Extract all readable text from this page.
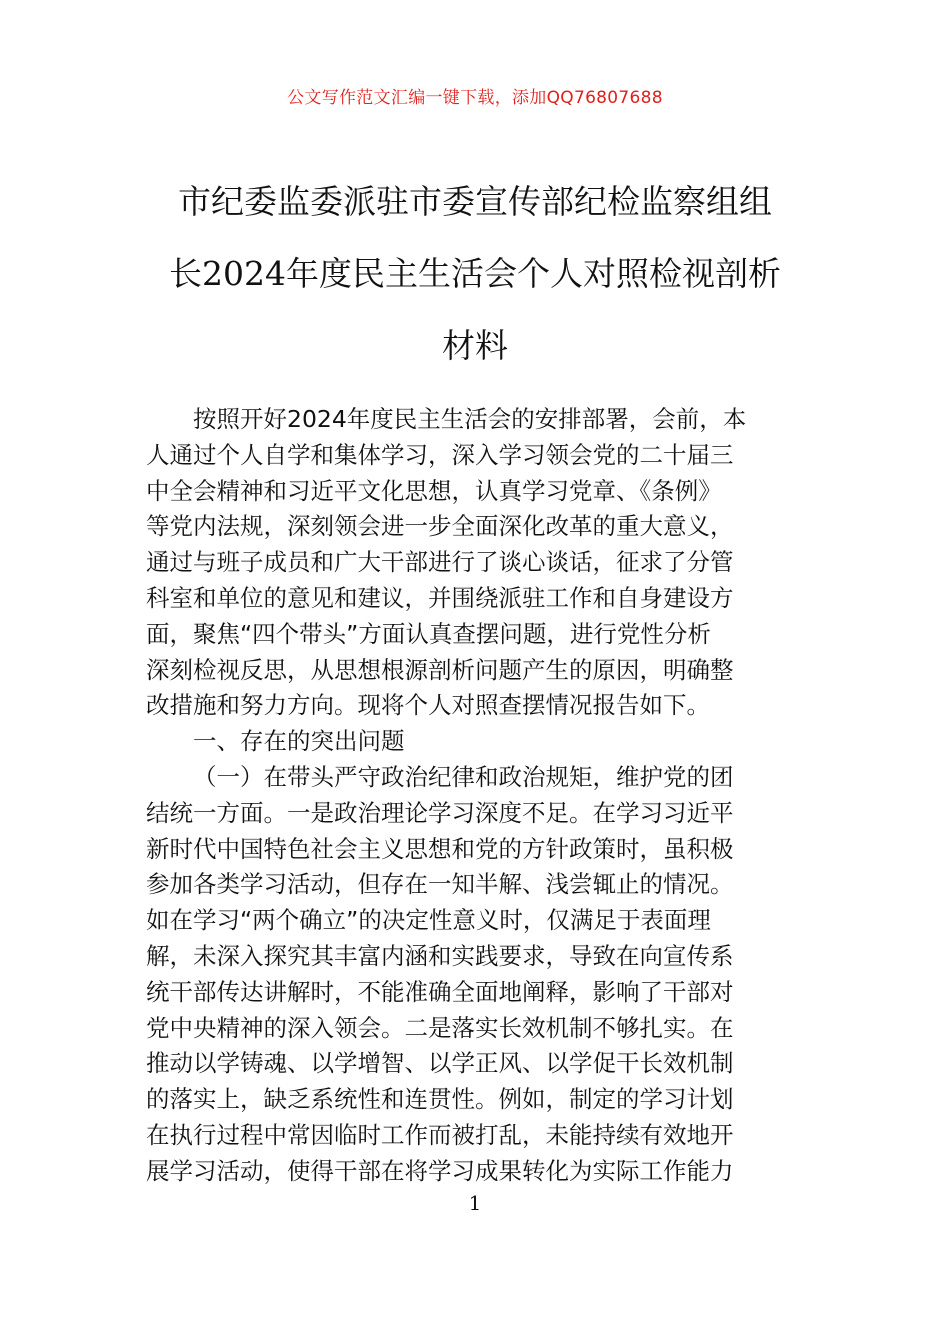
公文写作范文汇编一键下载，添加QQ76807688
市纪委监委派驻市委宣传部纪检监察组组
长2024年度民主生活会个人对照检视剖析
材料
按照开好2024年度民主生活会的安排部署，会前，本
人通过个人自学和集体学习，深入学习领会党的二十届三
中全会精神和习近平文化思想，认真学习党章、《条例》
等党内法规，深刻领会进一步全面深化改革的重大意义，
通过与班子成员和广大干部进行了谈心谈话，征求了分管
科室和单位的意见和建议，并围绕派驻工作和自身建设方
面，聚焦“四个带头”方面认真查摆问题，进行党性分析
深刻检视反思，从思想根源剖析问题产生的原因，明确整
改措施和努力方向。现将个人对照查摆情况报告如下。
一、存在的突出问题
（一）在带头严守政治纪律和政治规矩，维护党的团
结统一方面。一是政治理论学习深度不足。在学习习近平
新时代中国特色社会主义思想和党的方针政策时，虽积极
参加各类学习活动，但存在一知半解、浅尝辄止的情况。
如在学习“两个确立”的决定性意义时，仅满足于表面理
解，未深入探究其丰富内涵和实践要求，导致在向宣传系
统干部传达讲解时，不能准确全面地阐释，影响了干部对
党中央精神的深入领会。二是落实长效机制不够扎实。在
推动以学铸魂、以学增智、以学正风、以学促干长效机制
的落实上，缺乏系统性和连贯性。例如，制定的学习计划
在执行过程中常因临时工作而被打乱，未能持续有效地开
展学习活动，使得干部在将学习成果转化为实际工作能力
1
